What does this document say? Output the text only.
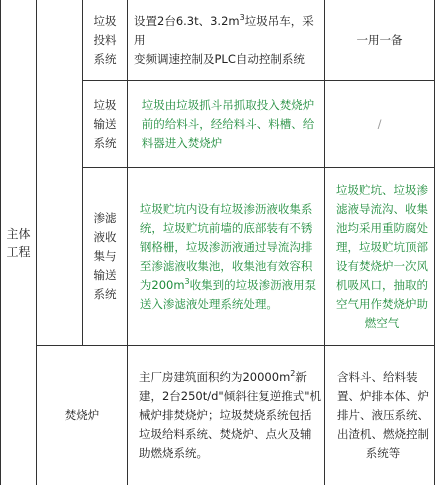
主体工程
垃圾
投料
系统
设置2台6.3t、$3.2m^3$垃圾吊车，采用
变频调速控制及PLC自动控制系统
一用一备
垃圾
输送
系统
垃圾由垃圾抓斗吊抓取投入焚烧炉
前的给料斗，经给料斗、料槽、给
料器进入焚烧炉
/
渗滤
液收
集与
输送
系统
垃圾贮坑内设有垃圾渗沥液收集系
统，垃圾贮坑前墙的底部装有不锈
钢格栅，垃圾渗沥液通过导流沟排
至渗滤液收集池，收集池有效容积
为$200m^3$收集到的垃圾渗沥液用泵
送入渗滤液处理系统处理。
垃圾贮坑、垃圾渗
滤液导流沟、收集
池均采用重防腐处
理，垃圾贮坑顶部
设有焚烧炉一次风
机吸风口，抽取的
空气用作焚烧炉助
燃空气
焚烧炉
主厂房建筑面积约为$20000m^2$新
建，2台250t/d"倾斜往复逆推式"机
械炉排焚烧炉；垃圾焚烧系统包括
垃圾给料系统、焚烧炉、点火及辅
助燃烧系统。
含料斗、给料装
置、炉排本体、炉
排片、液压系统、
出渣机、燃烧控制
系统等
